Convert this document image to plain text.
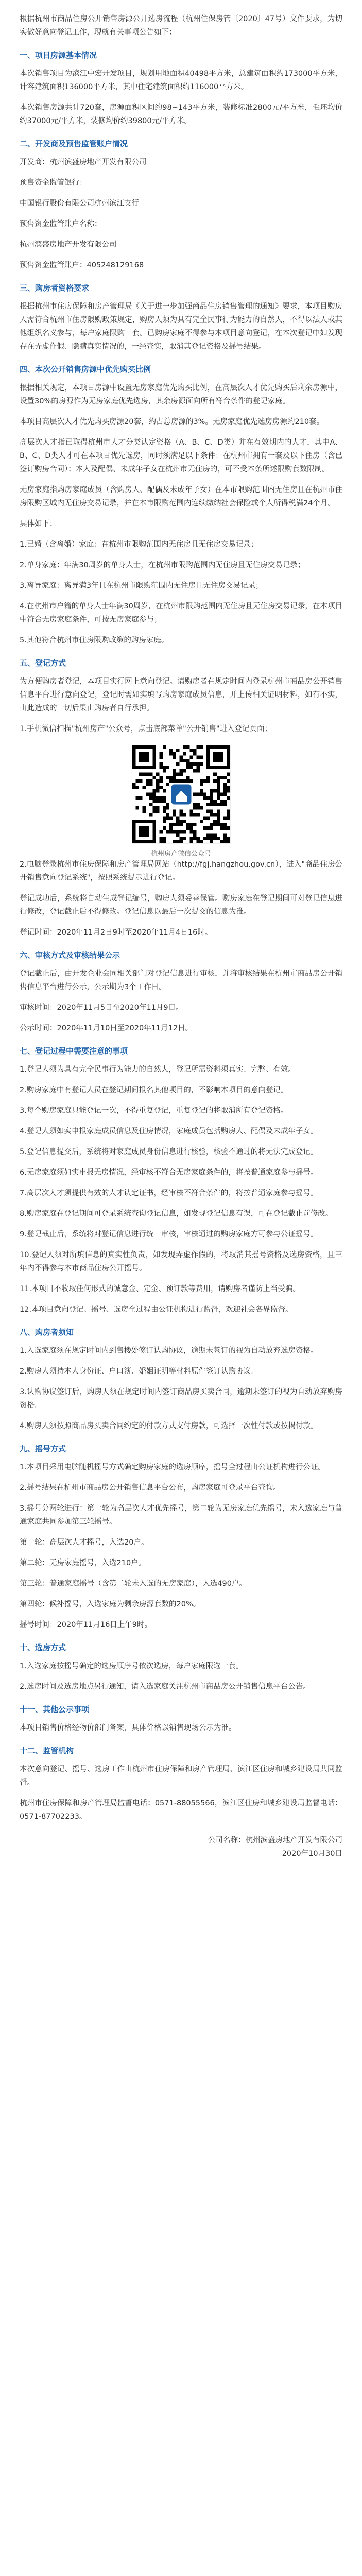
根据杭州市商品住房公开销售房源公开选房流程（杭州住保房管〔2020〕47号）文件要求，为切实做好意向登记工作，现就有关事项公告如下：

一、项目房源基本情况

本次销售项目为滨江中宏开发项目，规划用地面积40498平方米，总建筑面积约173000平方米，计容建筑面积136000平方米，其中住宅建筑面积约116000平方米。

本次销售房源共计720套，房源面积区间约98~143平方米，装修标准2800元/平方米，毛坯均价约37000元/平方米，装修均价约39800元/平方米。

二、开发商及预售监管账户情况

开发商：杭州滨盛房地产开发有限公司

预售资金监管银行：

中国银行股份有限公司杭州滨江支行

预售资金监管账户名称：

杭州滨盛房地产开发有限公司

预售资金监管账户：405248129168

三、购房者资格要求

根据杭州市住房保障和房产管理局《关于进一步加强商品住房销售管理的通知》要求，本项目购房人需符合杭州市住房限购政策规定，购房人须为具有完全民事行为能力的自然人，不得以法人或其他组织名义参与，每户家庭限购一套。已购房家庭不得参与本项目意向登记，在本次登记中如发现存在弄虚作假、隐瞒真实情况的，一经查实，取消其登记资格及摇号结果。

四、本次公开销售房源中优先购买比例

根据相关规定，本项目房源中设置无房家庭优先购买比例，在高层次人才优先购买后剩余房源中，设置30%的房源作为无房家庭优先选房，其余房源面向所有符合条件的登记家庭。

本项目高层次人才优先购买房源20套，约占总房源的3%。无房家庭优先选房房源约210套。

高层次人才指已取得杭州市人才分类认定资格（A、B、C、D类）并在有效期内的人才，其中A、B、C、D类人才可在本项目优先选房，同时须满足以下条件：在杭州市拥有一套及以下住房（含已签订购房合同）；本人及配偶、未成年子女在杭州市无住房的，可不受本条所述限购套数限制。

无房家庭指购房家庭成员（含购房人、配偶及未成年子女）在本市限购范围内无住房且在杭州市住房限购区域内无住房交易记录，并在本市限购范围内连续缴纳社会保险或个人所得税满24个月。

具体如下：

1.已婚（含离婚）家庭：在杭州市限购范围内无住房且无住房交易记录；

2.单身家庭：年满30周岁的单身人士，在杭州市限购范围内无住房且无住房交易记录；

3.离异家庭：离异满3年且在杭州市限购范围内无住房且无住房交易记录；

4.在杭州市户籍的单身人士年满30周岁，在杭州市限购范围内无住房且无住房交易记录，在本项目中符合无房家庭条件，可按无房家庭参与；

5.其他符合杭州市住房限购政策的购房家庭。

五、登记方式

为方便购房者登记，本项目实行网上意向登记。请购房者在规定时间内登录杭州市商品房公开销售信息平台进行意向登记，登记时需如实填写购房家庭成员信息，并上传相关证明材料，如有不实，由此造成的一切后果由购房者自行承担。

1.手机微信扫描"杭州房产"公众号，点击底部菜单"公开销售"进入登记页面；

杭州房产微信公众号

2.电脑登录杭州市住房保障和房产管理局网站（http://fgj.hangzhou.gov.cn），进入"商品住房公开销售意向登记系统"，按照系统提示进行登记。

登记成功后，系统将自动生成登记编号，购房人须妥善保管。购房家庭在登记期间可对登记信息进行修改，登记截止后不得修改。登记信息以最后一次提交的信息为准。

登记时间：2020年11月2日9时至2020年11月4日16时。

六、审核方式及审核结果公示

登记截止后，由开发企业会同相关部门对登记信息进行审核，并将审核结果在杭州市商品房公开销售信息平台进行公示，公示期为3个工作日。

审核时间：2020年11月5日至2020年11月9日。

公示时间：2020年11月10日至2020年11月12日。

七、登记过程中需要注意的事项

1.登记人须为具有完全民事行为能力的自然人，登记所需资料须真实、完整、有效。

2.购房家庭中有登记人员在登记期间报名其他项目的，不影响本项目的意向登记。

3.每个购房家庭只能登记一次，不得重复登记，重复登记的将取消所有登记资格。

4.登记人须如实申报家庭成员信息及住房情况，家庭成员包括购房人、配偶及未成年子女。

5.登记信息提交后，系统将对家庭成员身份信息进行核验，核验不通过的将无法完成登记。

6.无房家庭须如实申报无房情况，经审核不符合无房家庭条件的，将按普通家庭参与摇号。

7.高层次人才须提供有效的人才认定证书，经审核不符合条件的，将按普通家庭参与摇号。

8.购房家庭在登记期间可登录系统查询登记信息，如发现登记信息有误，可在登记截止前修改。

9.登记截止后，系统将对登记信息进行统一审核，审核通过的购房家庭方可参与公证摇号。

10.登记人须对所填信息的真实性负责，如发现弄虚作假的，将取消其摇号资格及选房资格，且三年内不得参与本市商品住房公开摇号。

11.本项目不收取任何形式的诚意金、定金、预订款等费用，请购房者谨防上当受骗。

12.本项目意向登记、摇号、选房全过程由公证机构进行监督，欢迎社会各界监督。

八、购房者须知

1.入选家庭须在规定时间内到售楼处签订认购协议，逾期未签订的视为自动放弃选房资格。

2.购房人须持本人身份证、户口簿、婚姻证明等材料原件签订认购协议。

3.认购协议签订后，购房人须在规定时间内签订商品房买卖合同，逾期未签订的视为自动放弃购房资格。

4.购房人须按照商品房买卖合同约定的付款方式支付房款，可选择一次性付款或按揭付款。

九、摇号方式

1.本项目采用电脑随机摇号方式确定购房家庭的选房顺序，摇号全过程由公证机构进行公证。

2.摇号结果在杭州市商品房公开销售信息平台公布，购房家庭可登录平台查询。

3.摇号分两轮进行：第一轮为高层次人才优先摇号，第二轮为无房家庭优先摇号，未入选家庭与普通家庭共同参加第三轮摇号。

第一轮：高层次人才摇号，入选20户。

第二轮：无房家庭摇号，入选210户。

第三轮：普通家庭摇号（含第二轮未入选的无房家庭），入选490户。

第四轮：候补摇号，入选家庭为剩余房源套数的20%。

摇号时间：2020年11月16日上午9时。

十、选房方式

1.入选家庭按摇号确定的选房顺序号依次选房，每户家庭限选一套。

2.选房时间及选房地点另行通知，请入选家庭关注杭州市商品房公开销售信息平台公告。

十一、其他公示事项

本项目销售价格经物价部门备案，具体价格以销售现场公示为准。

十二、监管机构

本次意向登记、摇号、选房工作由杭州市住房保障和房产管理局、滨江区住房和城乡建设局共同监督。

杭州市住房保障和房产管理局监督电话：0571-88055566，滨江区住房和城乡建设局监督电话：0571-87702233。

公司名称：杭州滨盛房地产开发有限公司
2020年10月30日
